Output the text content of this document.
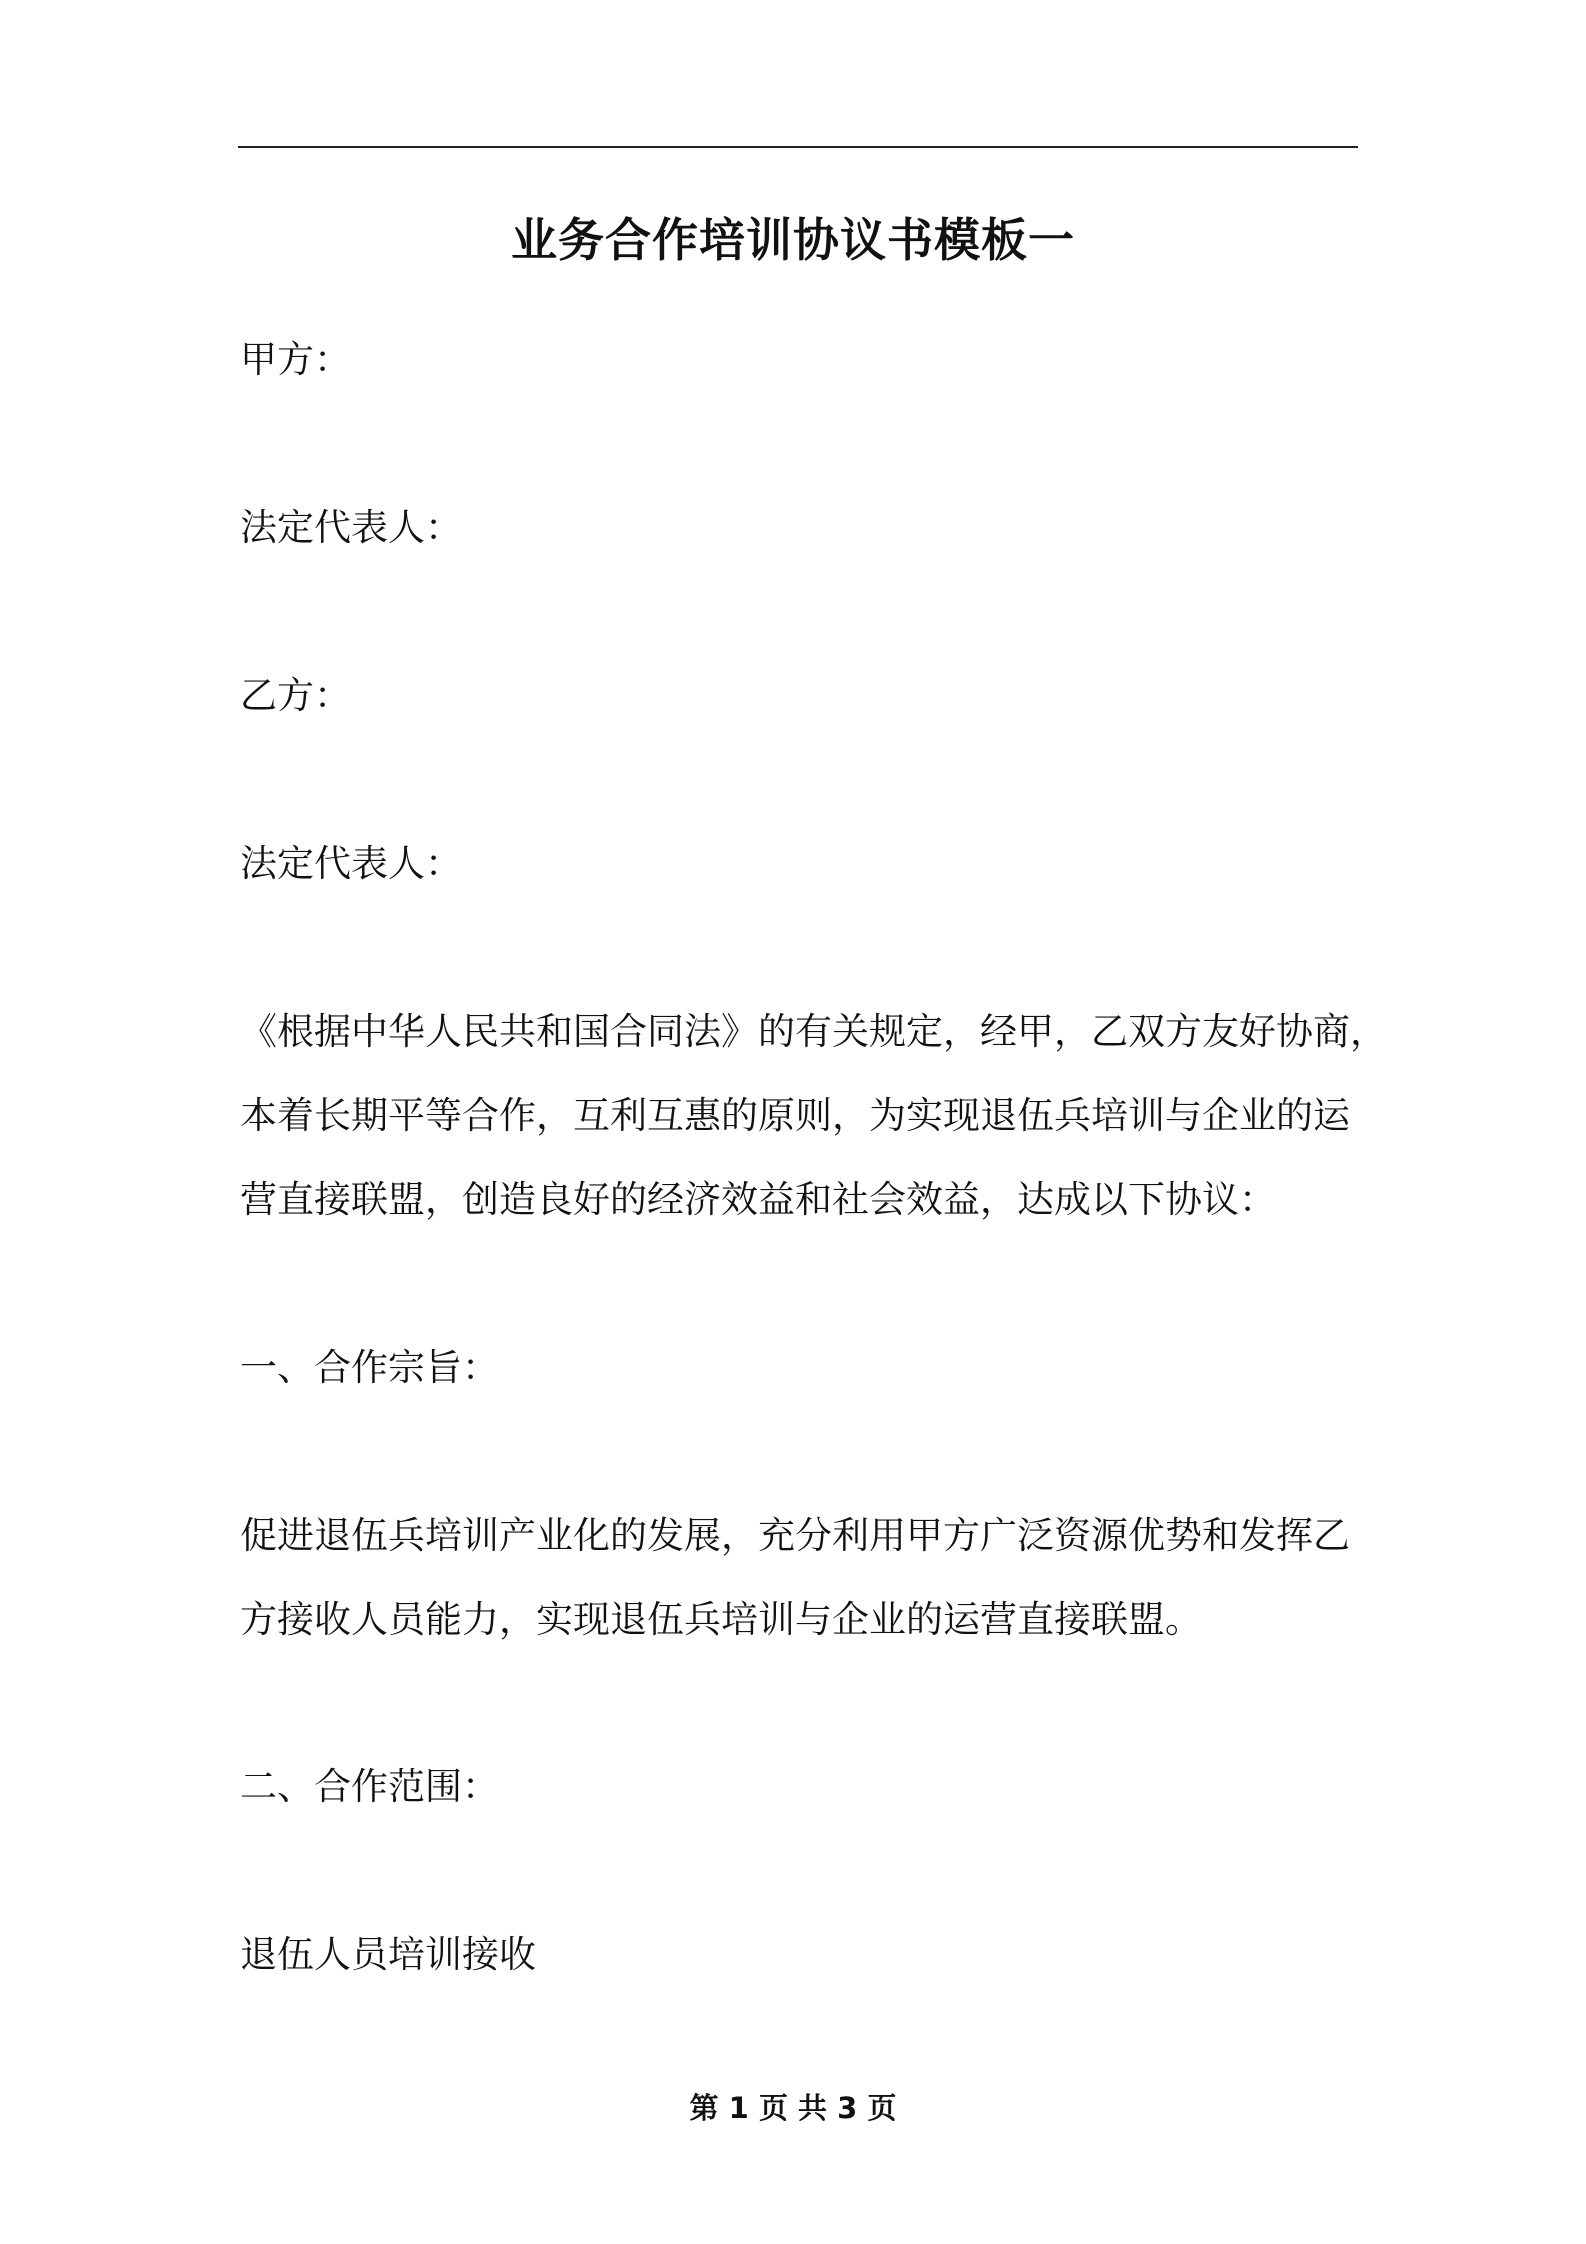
业务合作培训协议书模板一

甲方：

法定代表人：

乙方：

法定代表人：

《根据中华人民共和国合同法》的有关规定，经甲，乙双方友好协商，
本着长期平等合作，互利互惠的原则，为实现退伍兵培训与企业的运
营直接联盟，创造良好的经济效益和社会效益，达成以下协议：

一、合作宗旨：

促进退伍兵培训产业化的发展，充分利用甲方广泛资源优势和发挥乙
方接收人员能力，实现退伍兵培训与企业的运营直接联盟。

二、合作范围：

退伍人员培训接收

第 1 页 共 3 页
